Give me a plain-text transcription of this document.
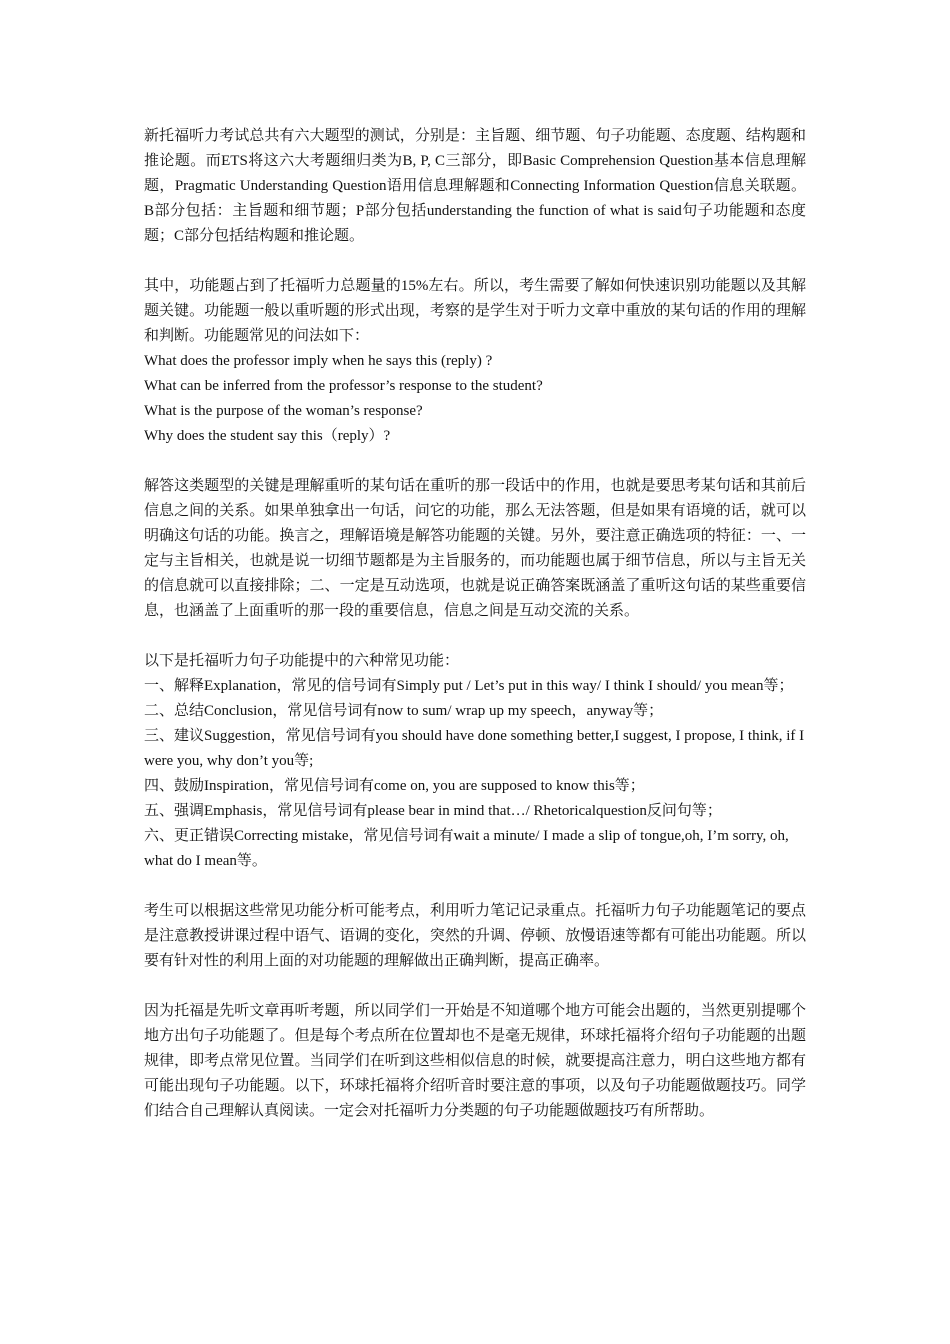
新托福听力考试总共有六大题型的测试，分别是：主旨题、细节题、句子功能题、态度题、结构题和推论题。而ETS将这六大考题细归类为B, P, C三部分，即Basic Comprehension Question基本信息理解题，Pragmatic Understanding Question语用信息理解题和Connecting Information Question信息关联题。B部分包括：主旨题和细节题；P部分包括understanding the function of what is said句子功能题和态度题；C部分包括结构题和推论题。

其中，功能题占到了托福听力总题量的15%左右。所以，考生需要了解如何快速识别功能题以及其解题关键。功能题一般以重听题的形式出现，考察的是学生对于听力文章中重放的某句话的作用的理解和判断。功能题常见的问法如下：

What does the professor imply when he says this (reply) ?

What can be inferred from the professor’s response to the student?

What is the purpose of the woman’s response?

Why does the student say this（reply）?

解答这类题型的关键是理解重听的某句话在重听的那一段话中的作用，也就是要思考某句话和其前后信息之间的关系。如果单独拿出一句话，问它的功能，那么无法答题，但是如果有语境的话，就可以明确这句话的功能。换言之，理解语境是解答功能题的关键。另外，要注意正确选项的特征：一、一定与主旨相关，也就是说一切细节题都是为主旨服务的，而功能题也属于细节信息，所以与主旨无关的信息就可以直接排除；二、一定是互动选项，也就是说正确答案既涵盖了重听这句话的某些重要信息，也涵盖了上面重听的那一段的重要信息，信息之间是互动交流的关系。

以下是托福听力句子功能提中的六种常见功能：

一、解释Explanation，常见的信号词有Simply put / Let’s put in this way/ I think I should/ you mean等；

二、总结Conclusion，常见信号词有now to sum/ wrap up my speech，anyway等；

三、建议Suggestion，常见信号词有you should have done something better,I suggest, I propose, I think, if I were you, why don’t you等;

四、鼓励Inspiration，常见信号词有come on, you are supposed to know this等；

五、强调Emphasis，常见信号词有please bear in mind that…/ Rhetoricalquestion反问句等；

六、更正错误Correcting mistake，常见信号词有wait a minute/ I made a slip of tongue,oh, I’m sorry, oh, what do I mean等。

考生可以根据这些常见功能分析可能考点，利用听力笔记记录重点。托福听力句子功能题笔记的要点是注意教授讲课过程中语气、语调的变化，突然的升调、停顿、放慢语速等都有可能出功能题。所以要有针对性的利用上面的对功能题的理解做出正确判断，提高正确率。

因为托福是先听文章再听考题，所以同学们一开始是不知道哪个地方可能会出题的，当然更别提哪个地方出句子功能题了。但是每个考点所在位置却也不是毫无规律，环球托福将介绍句子功能题的出题规律，即考点常见位置。当同学们在听到这些相似信息的时候，就要提高注意力，明白这些地方都有可能出现句子功能题。以下，环球托福将介绍听音时要注意的事项，以及句子功能题做题技巧。同学们结合自己理解认真阅读。一定会对托福听力分类题的句子功能题做题技巧有所帮助。
